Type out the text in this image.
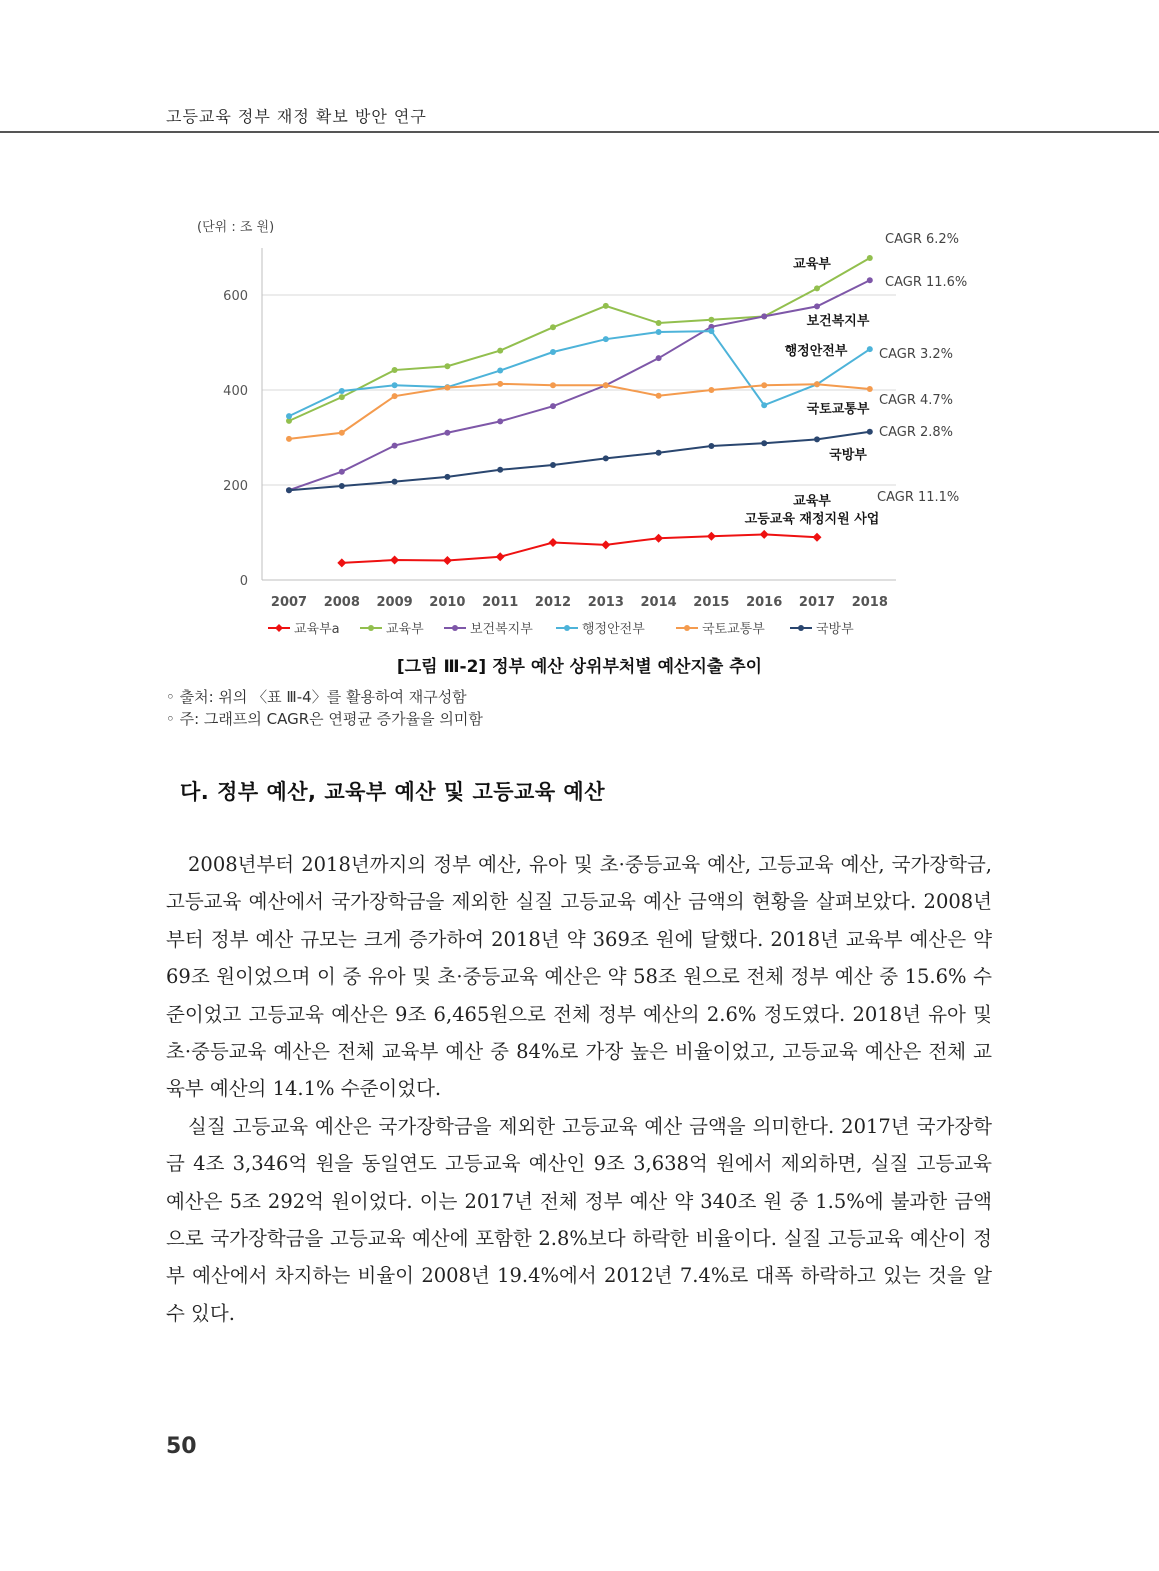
고등교육 정부 재정 확보 방안 연구
(단위 : 조 원)
0
200
400
600
2007 2008 2009 2010 2011 2012 2013 2014 2015 2016 2017 2018
교육부
CAGR 6.2%
보건복지부
CAGR 11.6%
행정안전부 CAGR 3.2%
국토교통부
CAGR 4.7%
국방부
CAGR 2.8%
교육부
고등교육 재정지원 사업
CAGR 11.1%
교육부a	교육부	보건복지부	행정안전부	국토교통부	국방부
[그림 Ⅲ-2] 정부 예산 상위부처별 예산지출 추이
◦ 출처: 위의 〈표 Ⅲ-4〉를 활용하여 재구성함
◦ 주: 그래프의 CAGR은 연평균 증가율을 의미함
다. 정부 예산, 교육부 예산 및 고등교육 예산

2008년부터 2018년까지의 정부 예산, 유아 및 초·중등교육 예산, 고등교육 예산, 국가장학금, 고등교육 예산에서 국가장학금을 제외한 실질 고등교육 예산 금액의 현황을 살펴보았다. 2008년부터 정부 예산 규모는 크게 증가하여 2018년 약 369조 원에 달했다. 2018년 교육부 예산은 약 69조 원이었으며 이 중 유아 및 초·중등교육 예산은 약 58조 원으로 전체 정부 예산 중 15.6% 수준이었고 고등교육 예산은 9조 6,465원으로 전체 정부 예산의 2.6% 정도였다. 2018년 유아 및 초·중등교육 예산은 전체 교육부 예산 중 84%로 가장 높은 비율이었고, 고등교육 예산은 전체 교육부 예산의 14.1% 수준이었다.

실질 고등교육 예산은 국가장학금을 제외한 고등교육 예산 금액을 의미한다. 2017년 국가장학금 4조 3,346억 원을 동일연도 고등교육 예산인 9조 3,638억 원에서 제외하면, 실질 고등교육 예산은 5조 292억 원이었다. 이는 2017년 전체 정부 예산 약 340조 원 중 1.5%에 불과한 금액으로 국가장학금을 고등교육 예산에 포함한 2.8%보다 하락한 비율이다. 실질 고등교육 예산이 정부 예산에서 차지하는 비율이 2008년 19.4%에서 2012년 7.4%로 대폭 하락하고 있는 것을 알 수 있다.

50
